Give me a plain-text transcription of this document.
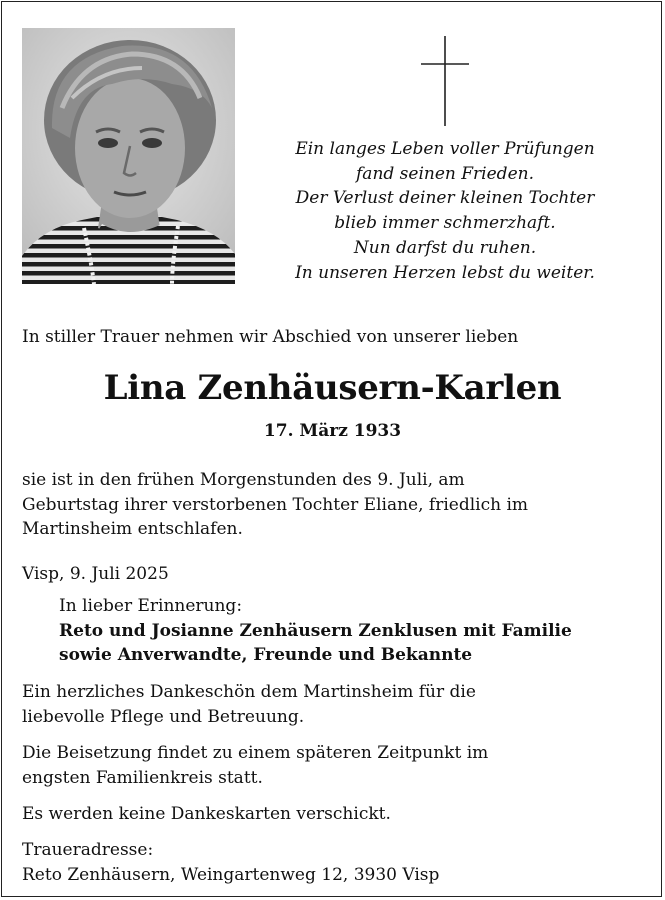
Ein langes Leben voller Prüfungen
fand seinen Frieden.
Der Verlust deiner kleinen Tochter
blieb immer schmerzhaft.
Nun darfst du ruhen.
In unseren Herzen lebst du weiter.
In stiller Trauer nehmen wir Abschied von unserer lieben
Lina Zenhäusern-Karlen
17. März 1933
sie ist in den frühen Morgenstunden des 9. Juli, am
Geburtstag ihrer verstorbenen Tochter Eliane, friedlich im
Martinsheim entschlafen.
Visp, 9. Juli 2025
In lieber Erinnerung:
Reto und Josianne Zenhäusern Zenklusen mit Familie
sowie Anverwandte, Freunde und Bekannte
Ein herzliches Dankeschön dem Martinsheim für die
liebevolle Pflege und Betreuung.
Die Beisetzung findet zu einem späteren Zeitpunkt im
engsten Familienkreis statt.
Es werden keine Dankeskarten verschickt.
Traueradresse:
Reto Zenhäusern, Weingartenweg 12, 3930 Visp
